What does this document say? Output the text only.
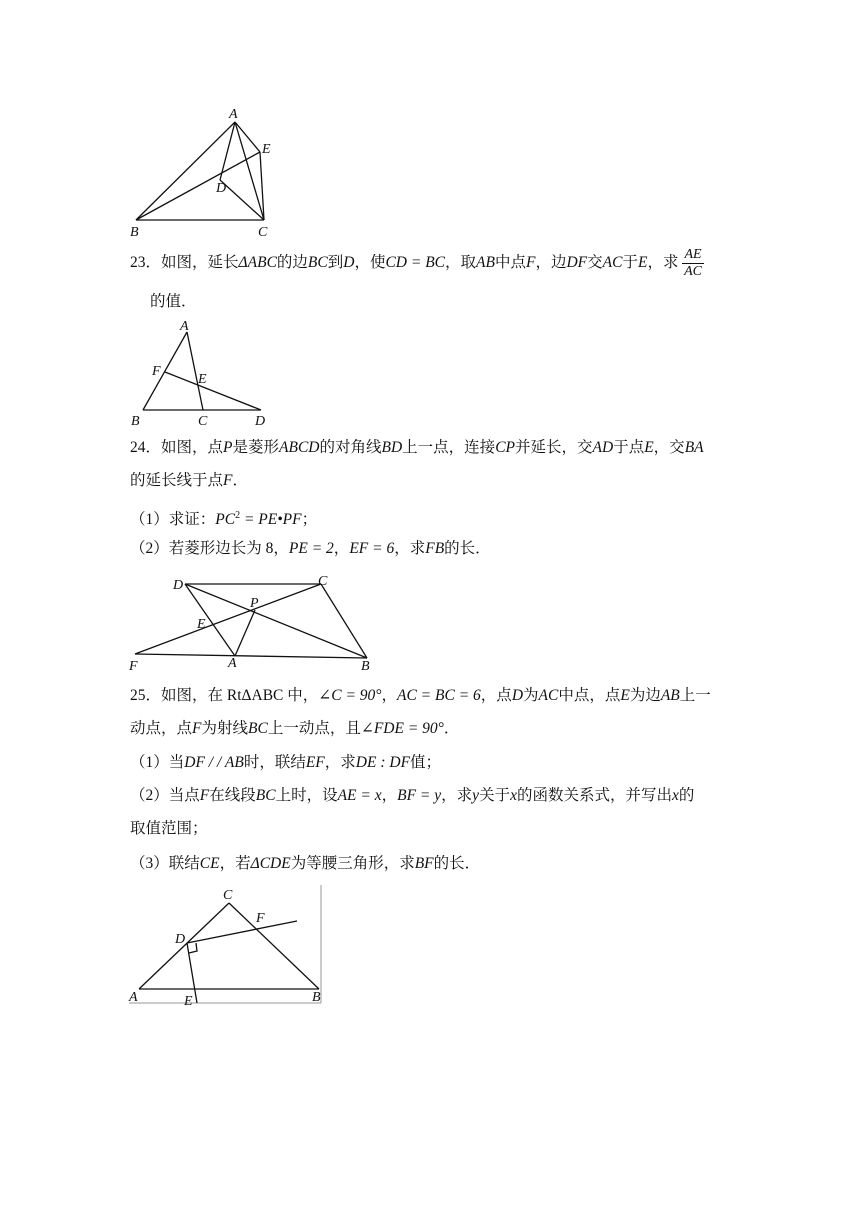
A
E
D
B	C
23．如图，延长ΔABC的边BC到D，使CD = BC，取AB中点F，边DF交AC于E，求 $\frac{AE}{AC}$
的值．
A
F
E
B	C	D
24．如图，点P是菱形ABCD的对角线BD上一点，连接CP并延长，交AD于点E，交BA
的延长线于点F．
（1）求证：$PC^2$ = PE•PF；
（2）若菱形边长为 8，PE = 2，EF = 6，求FB的长．
D	C
P
E
F	A	B
25．如图，在 RtΔABC 中，∠C = 90°，AC = BC = 6，点D为AC中点，点E为边AB上一
动点，点F为射线BC上一动点，且∠FDE = 90°．
（1）当DF / / AB时，联结EF，求DE : DF值；
（2）当点F在线段BC上时，设AE = x，BF = y，求y关于x的函数关系式，并写出x的
取值范围；
（3）联结CE，若ΔCDE为等腰三角形，求BF的长．
C
F
D
A	E	B
